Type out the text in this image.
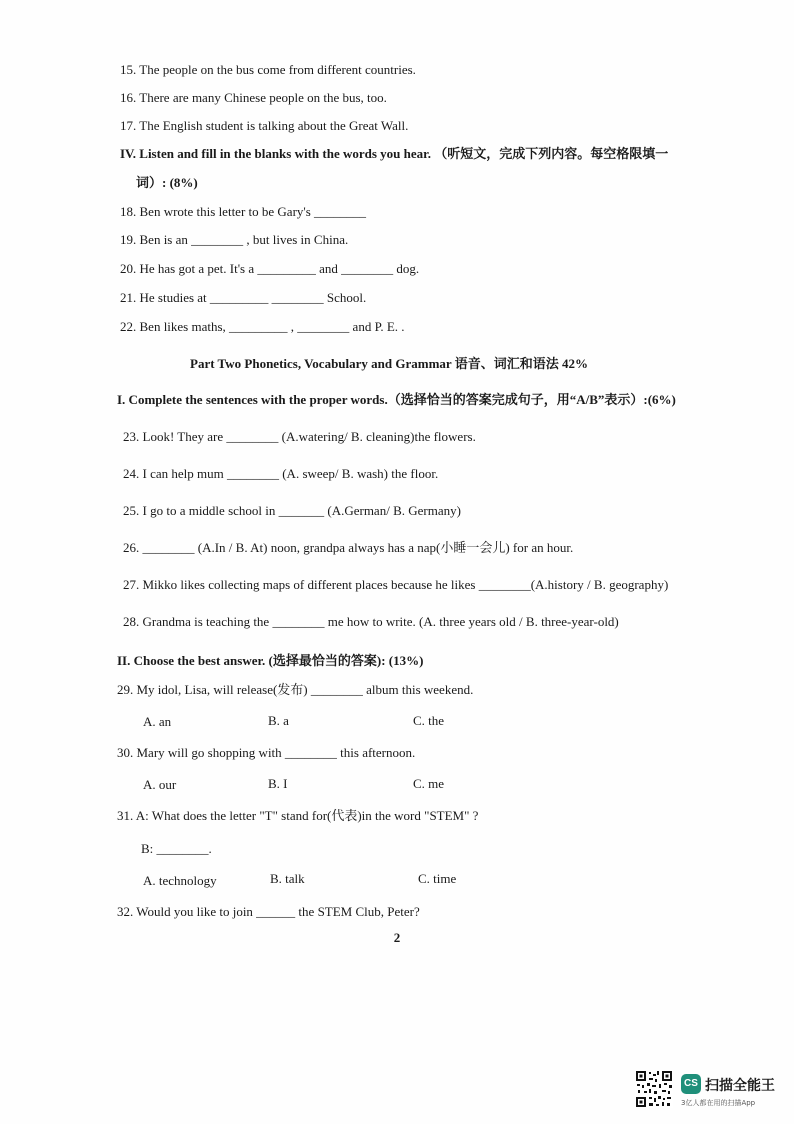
15. The people on the bus come from different countries.
16. There are many Chinese people on the bus, too.
17. The English student is talking about the Great Wall.
IV. Listen and fill in the blanks with the words you hear. （听短文，完成下列内容。每空格限填一
词）: (8%)
18. Ben wrote this letter to be Gary's ________
19. Ben is an ________ , but lives in China.
20. He has got a pet. It's a _________ and ________ dog.
21. He studies at _________ ________ School.
22. Ben likes maths, _________ , ________ and P. E. .
Part Two Phonetics, Vocabulary and Grammar 语音、词汇和语法 42%
I. Complete the sentences with the proper words.（选择恰当的答案完成句子，用“A/B”表示）:(6%)
23. Look! They are ________ (A.watering/ B. cleaning)the flowers.
24. I can help mum ________ (A. sweep/ B. wash) the floor.
25. I go to a middle school in _______ (A.German/ B. Germany)
26. ________ (A.In / B. At) noon, grandpa always has a nap(小睡一会儿) for an hour.
27. Mikko likes collecting maps of different places because he likes ________(A.history / B. geography)
28. Grandma is teaching the ________ me how to write. (A. three years old / B. three-year-old)
II. Choose the best answer. (选择最恰当的答案): (13%)
29. My idol, Lisa, will release(发布) ________ album this weekend.
A. an	B. a	C. the
30. Mary will go shopping with ________ this afternoon.
A. our	B. I	C. me
31. A: What does the letter "T" stand for(代表)in the word "STEM" ?
B: ________.
A. technology	B. talk	C. time
32. Would you like to join ______ the STEM Club, Peter?
2
CS 扫描全能王
3亿人都在用的扫描App
